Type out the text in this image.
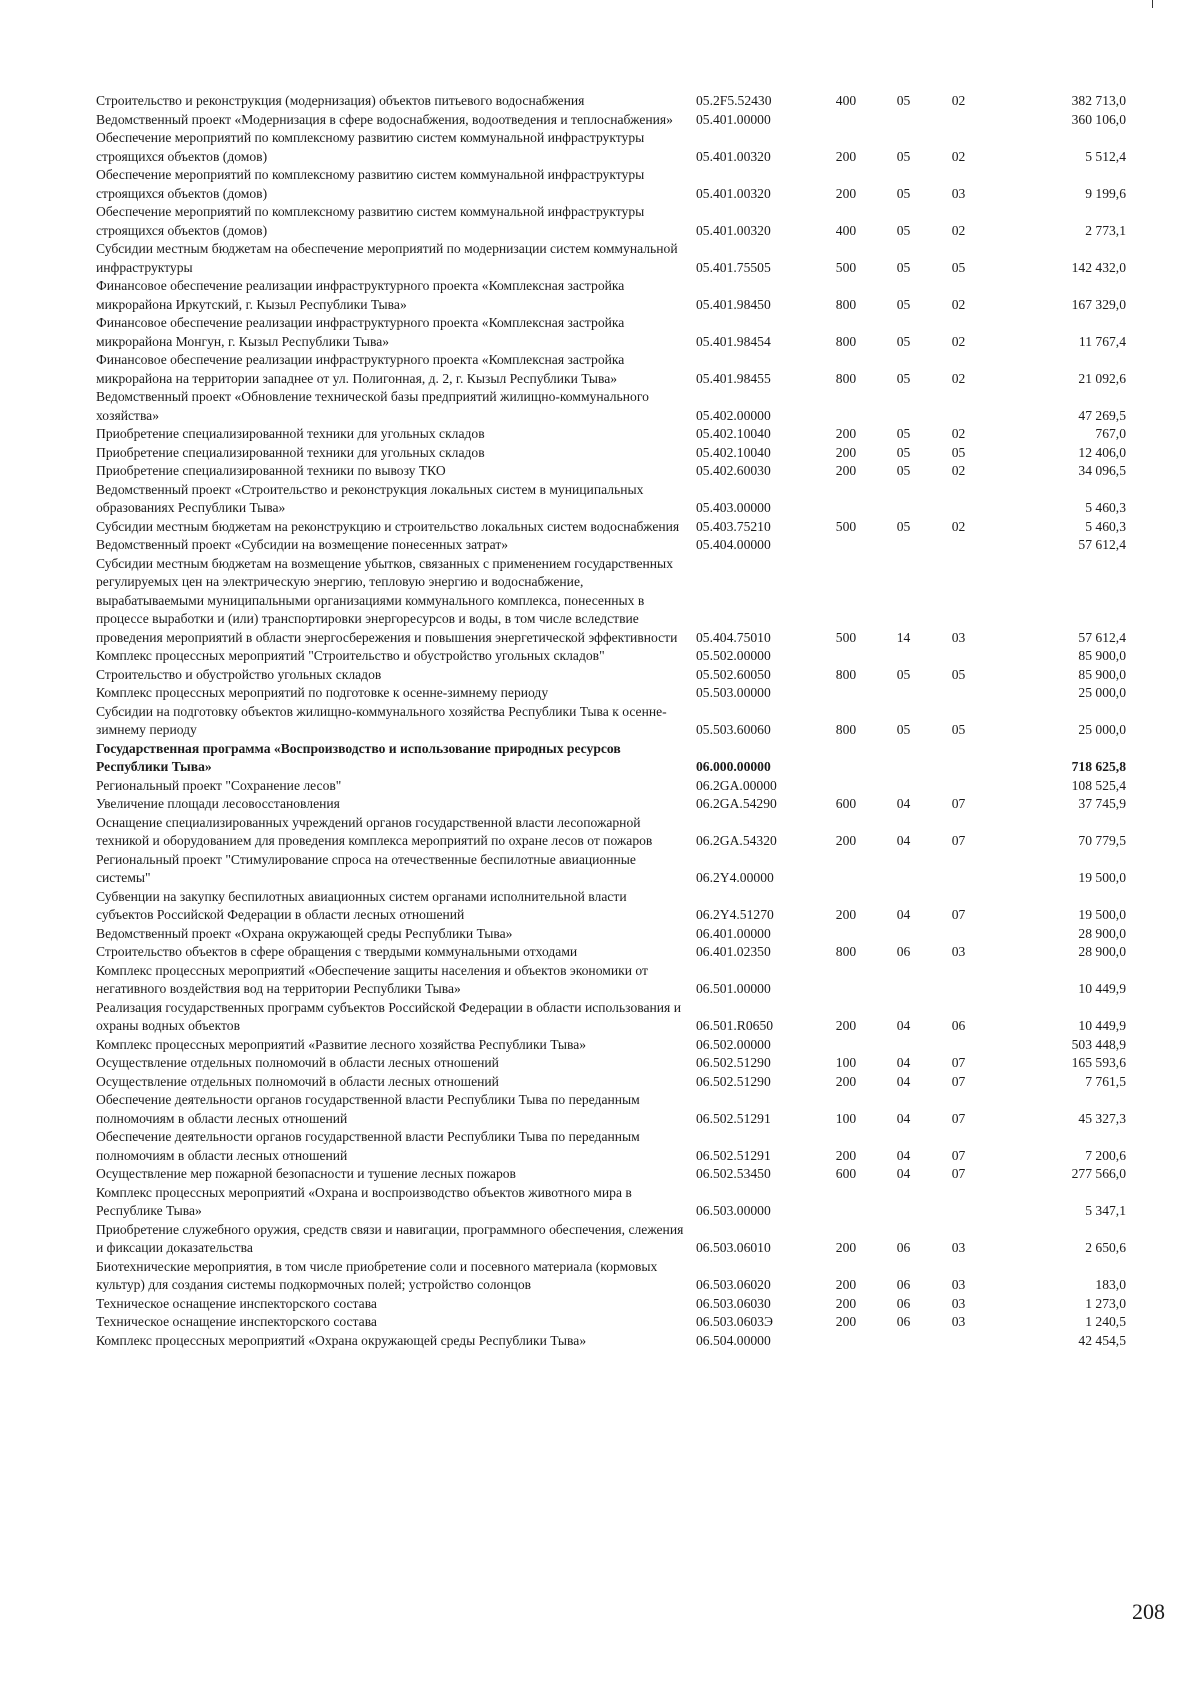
Строительство и реконструкция (модернизация) объектов питьевого водоснабжения	05.2F5.52430	400	05	02	382 713,0
Ведомственный проект «Модернизация в сфере водоснабжения, водоотведения и теплоснабжения»	05.401.00000	360 106,0
Обеспечение мероприятий по комплексному развитию систем коммунальной инфраструктуры строящихся объектов (домов)	05.401.00320	200	05	02	5 512,4
Обеспечение мероприятий по комплексному развитию систем коммунальной инфраструктуры строящихся объектов (домов)	05.401.00320	200	05	03	9 199,6
Обеспечение мероприятий по комплексному развитию систем коммунальной инфраструктуры строящихся объектов (домов)	05.401.00320	400	05	02	2 773,1
Субсидии местным бюджетам на обеспечение мероприятий по модернизации систем коммунальной инфраструктуры	05.401.75505	500	05	05	142 432,0
Финансовое обеспечение реализации инфраструктурного проекта «Комплексная застройка микрорайона Иркутский, г. Кызыл Республики Тыва»	05.401.98450	800	05	02	167 329,0
Финансовое обеспечение реализации инфраструктурного проекта «Комплексная застройка микрорайона Монгун, г. Кызыл Республики Тыва»	05.401.98454	800	05	02	11 767,4
Финансовое обеспечение реализации инфраструктурного проекта «Комплексная застройка микрорайона на территории западнее от ул. Полигонная, д. 2, г. Кызыл Республики Тыва»	05.401.98455	800	05	02	21 092,6
Ведомственный проект «Обновление технической базы предприятий жилищно-коммунального хозяйства»	05.402.00000	47 269,5
Приобретение специализированной техники для угольных складов	05.402.10040	200	05	02	767,0
Приобретение специализированной техники для угольных складов	05.402.10040	200	05	05	12 406,0
Приобретение специализированной техники по вывозу ТКО	05.402.60030	200	05	02	34 096,5
Ведомственный проект «Строительство и реконструкция локальных систем в муниципальных образованиях Республики Тыва»	05.403.00000	5 460,3
Субсидии местным бюджетам на реконструкцию и строительство локальных систем водоснабжения	05.403.75210	500	05	02	5 460,3
Ведомственный проект «Субсидии на возмещение понесенных затрат»	05.404.00000	57 612,4
Субсидии местным бюджетам на возмещение убытков, связанных с применением государственных регулируемых цен на электрическую энергию, тепловую энергию и водоснабжение, вырабатываемыми муниципальными организациями коммунального комплекса, понесенных в процессе выработки и (или) транспортировки энергоресурсов и воды, в том числе вследствие проведения мероприятий в области энергосбережения и повышения энергетической эффективности	05.404.75010	500	14	03	57 612,4
Комплекс процессных мероприятий "Строительство и обустройство угольных складов"	05.502.00000	85 900,0
Строительство и обустройство угольных складов	05.502.60050	800	05	05	85 900,0
Комплекс процессных мероприятий по подготовке к осенне-зимнему периоду	05.503.00000	25 000,0
Субсидии на подготовку объектов жилищно-коммунального хозяйства Республики Тыва к осенне-зимнему периоду	05.503.60060	800	05	05	25 000,0
Государственная программа «Воспроизводство и использование природных ресурсов Республики Тыва»	06.000.00000	718 625,8
Региональный проект "Сохранение лесов"	06.2GA.00000	108 525,4
Увеличение площади лесовосстановления	06.2GA.54290	600	04	07	37 745,9
Оснащение специализированных учреждений органов государственной власти лесопожарной техникой и оборудованием для проведения комплекса мероприятий по охране лесов от пожаров	06.2GA.54320	200	04	07	70 779,5
Региональный проект "Стимулирование спроса на отечественные беспилотные авиационные системы"	06.2Y4.00000	19 500,0
Субвенции на закупку беспилотных авиационных систем органами исполнительной власти субъектов Российской Федерации в области лесных отношений	06.2Y4.51270	200	04	07	19 500,0
Ведомственный проект «Охрана окружающей среды Республики Тыва»	06.401.00000	28 900,0
Строительство объектов в сфере обращения с твердыми коммунальными отходами	06.401.02350	800	06	03	28 900,0
Комплекс процессных мероприятий «Обеспечение защиты населения и объектов экономики от негативного воздействия вод на территории Республики Тыва»	06.501.00000	10 449,9
Реализация государственных программ субъектов Российской Федерации в области использования и охраны водных объектов	06.501.R0650	200	04	06	10 449,9
Комплекс процессных мероприятий «Развитие лесного хозяйства Республики Тыва»	06.502.00000	503 448,9
Осуществление отдельных полномочий в области лесных отношений	06.502.51290	100	04	07	165 593,6
Осуществление отдельных полномочий в области лесных отношений	06.502.51290	200	04	07	7 761,5
Обеспечение деятельности органов государственной власти Республики Тыва по переданным полномочиям в области лесных отношений	06.502.51291	100	04	07	45 327,3
Обеспечение деятельности органов государственной власти Республики Тыва по переданным полномочиям в области лесных отношений	06.502.51291	200	04	07	7 200,6
Осуществление мер пожарной безопасности и тушение лесных пожаров	06.502.53450	600	04	07	277 566,0
Комплекс процессных мероприятий «Охрана и воспроизводство объектов животного мира в Республике Тыва»	06.503.00000	5 347,1
Приобретение служебного оружия, средств связи и навигации, программного обеспечения, слежения и фиксации доказательства	06.503.06010	200	06	03	2 650,6
Биотехнические мероприятия, в том числе приобретение соли и посевного материала (кормовых культур) для создания системы подкормочных полей; устройство солонцов	06.503.06020	200	06	03	183,0
Техническое оснащение инспекторского состава	06.503.06030	200	06	03	1 273,0
Техническое оснащение инспекторского состава	06.503.0603Э	200	06	03	1 240,5
Комплекс процессных мероприятий «Охрана окружающей среды Республики Тыва»	06.504.00000	42 454,5
208
